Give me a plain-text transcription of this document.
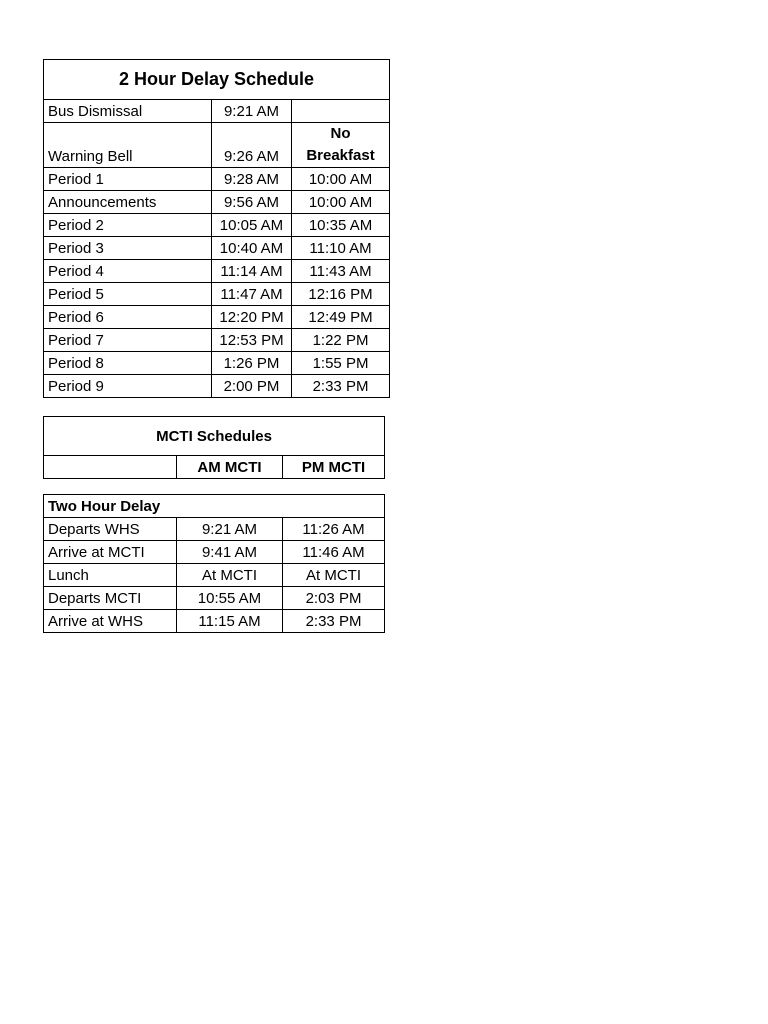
2 Hour Delay Schedule		
Bus Dismissal	9:21 AM	
Warning Bell	9:26 AM	No
Breakfast

Period 1	9:28 AM	10:00 AM
Announcements	9:56 AM	10:00 AM
Period 2	10:05 AM	10:35 AM
Period 3	10:40 AM	11:10 AM
Period 4	11:14 AM	11:43 AM
Period 5	11:47 AM	12:16 PM
Period 6	12:20 PM	12:49 PM
Period 7	12:53 PM	1:22 PM
Period 8	1:26 PM	1:55 PM
Period 9	2:00 PM	2:33 PM
MCTI Schedules
	AM MCTI	PM MCTI
Two Hour Delay		
Departs WHS	9:21 AM	11:26 AM
Arrive at MCTI	9:41 AM	11:46 AM
Lunch	At MCTI	At MCTI
Departs MCTI	10:55 AM	2:03 PM
Arrive at WHS	11:15 AM	2:33 PM
